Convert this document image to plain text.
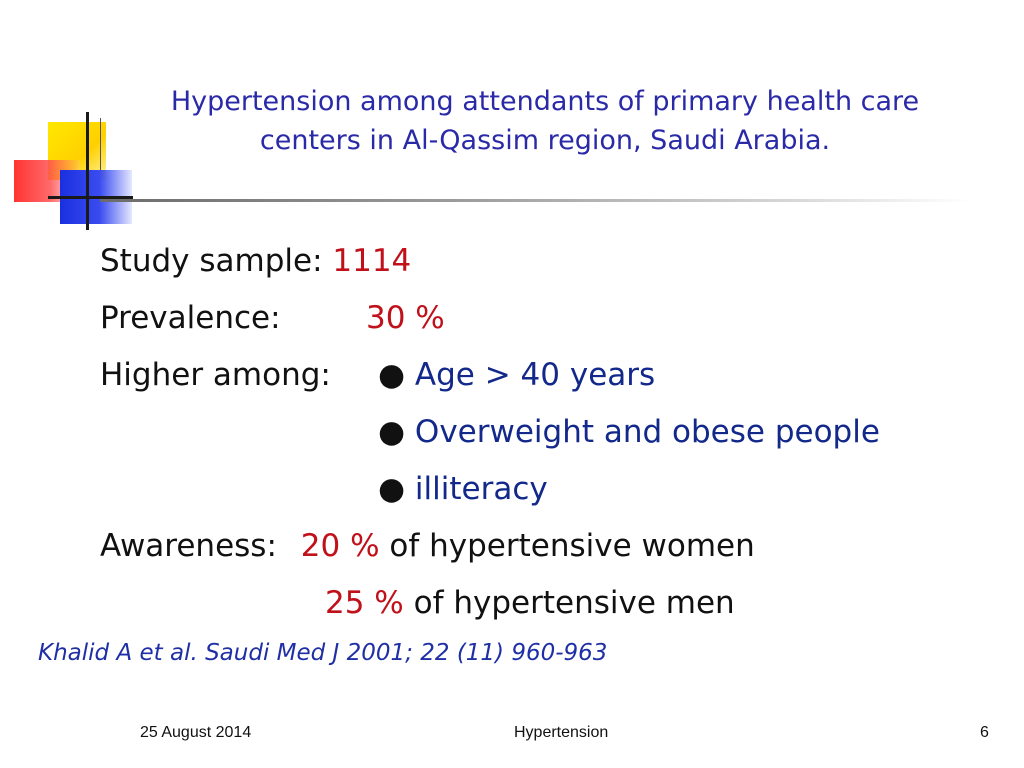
Hypertension among attendants of primary health care
centers in Al-Qassim region, Saudi Arabia.
Study sample: 1114
Prevalence:	30 %
Higher among: ● Age > 40 years
● Overweight and obese people
● illiteracy
Awareness: 20 % of hypertensive women
25 % of hypertensive men
Khalid A et al. Saudi Med J 2001; 22 (11) 960-963
25 August 2014	Hypertension	6
